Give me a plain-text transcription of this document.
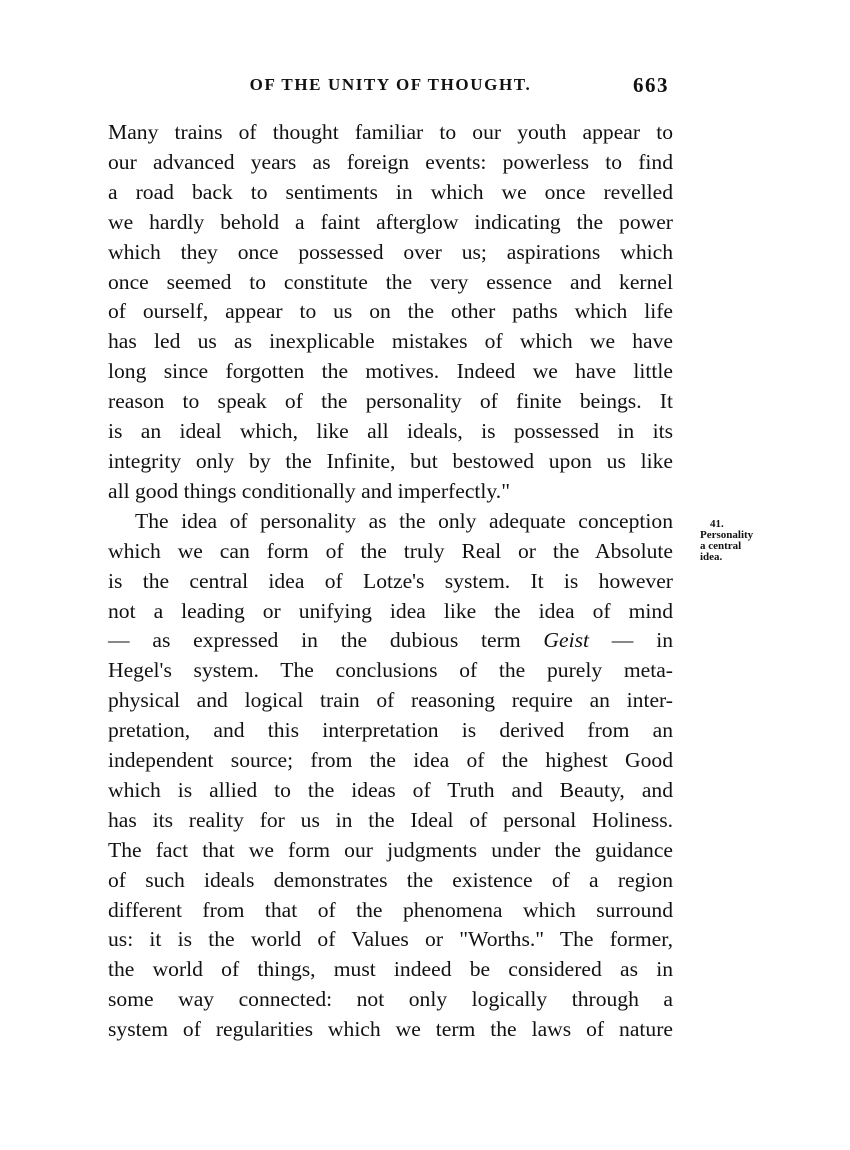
OF THE UNITY OF THOUGHT.	663
Many trains of thought familiar to our youth appear to
our advanced years as foreign events: powerless to find
a road back to sentiments in which we once revelled
we hardly behold a faint afterglow indicating the power
which they once possessed over us; aspirations which
once seemed to constitute the very essence and kernel
of ourself, appear to us on the other paths which life
has led us as inexplicable mistakes of which we have
long since forgotten the motives. Indeed we have little
reason to speak of the personality of finite beings. It
is an ideal which, like all ideals, is possessed in its
integrity only by the Infinite, but bestowed upon us like
all good things conditionally and imperfectly."
The idea of personality as the only adequate conception
which we can form of the truly Real or the Absolute
is the central idea of Lotze's system. It is however
not a leading or unifying idea like the idea of mind
— as expressed in the dubious term Geist — in
Hegel's system. The conclusions of the purely meta-
physical and logical train of reasoning require an inter-
pretation, and this interpretation is derived from an
independent source; from the idea of the highest Good
which is allied to the ideas of Truth and Beauty, and
has its reality for us in the Ideal of personal Holiness.
The fact that we form our judgments under the guidance
of such ideals demonstrates the existence of a region
different from that of the phenomena which surround
us: it is the world of Values or "Worths." The former,
the world of things, must indeed be considered as in
some way connected: not only logically through a
system of regularities which we term the laws of nature
41.
Personality
a central
idea.
